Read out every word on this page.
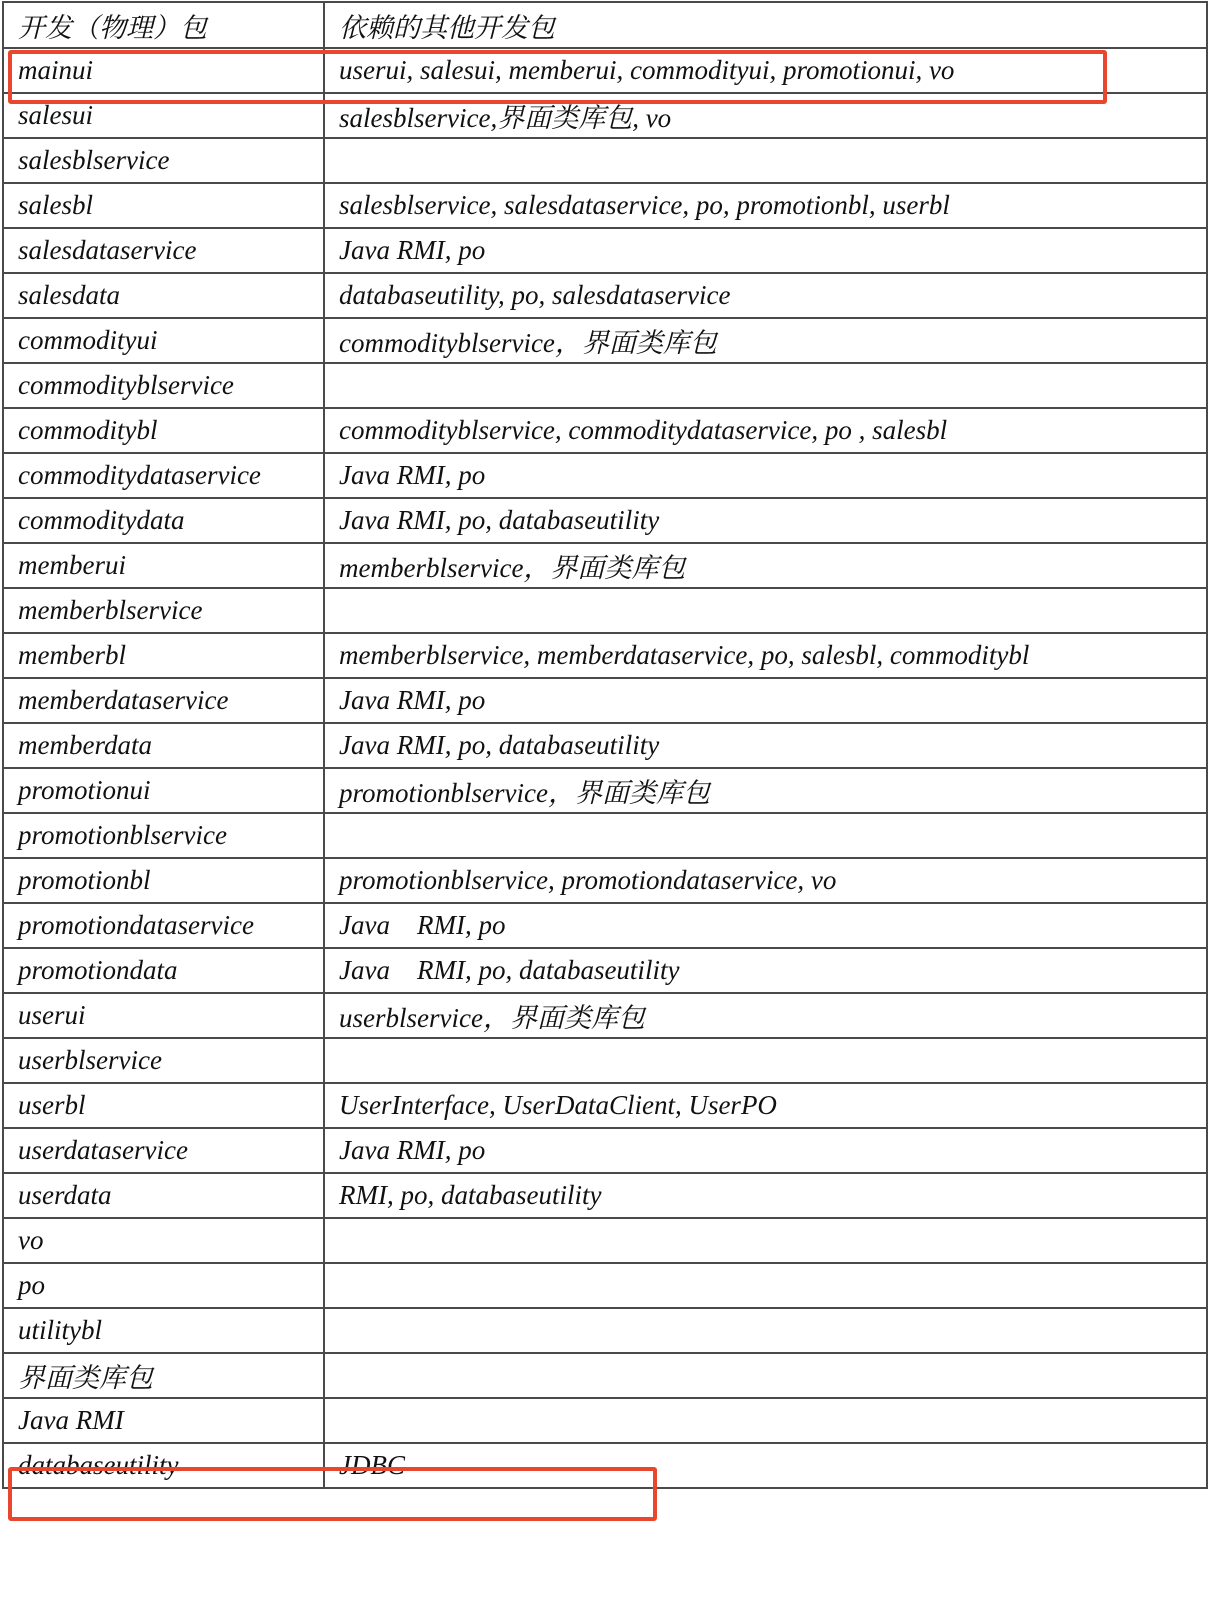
开发（物理）包	依赖的其他开发包
mainui	userui, salesui, memberui, commodityui, promotionui, vo
salesui	salesblservice,界面类库包, vo
salesblservice	
salesbl	salesblservice, salesdataservice, po, promotionbl, userbl
salesdataservice	Java RMI, po
salesdata	databaseutility, po, salesdataservice
commodityui	commodityblservice，界面类库包
commodityblservice	
commoditybl	commodityblservice, commoditydataservice, po , salesbl
commoditydataservice	Java RMI, po
commoditydata	Java RMI, po, databaseutility
memberui	memberblservice，界面类库包
memberblservice	
memberbl	memberblservice, memberdataservice, po, salesbl, commoditybl
memberdataservice	Java RMI, po
memberdata	Java RMI, po, databaseutility
promotionui	promotionblservice，界面类库包
promotionblservice	
promotionbl	promotionblservice, promotiondataservice, vo
promotiondataservice	Java    RMI, po
promotiondata	Java    RMI, po, databaseutility
userui	userblservice，界面类库包
userblservice	
userbl	UserInterface, UserDataClient, UserPO
userdataservice	Java RMI, po
userdata	RMI, po, databaseutility
vo	
po	
utilitybl	
界面类库包	
Java RMI	
databaseutility	JDBC
